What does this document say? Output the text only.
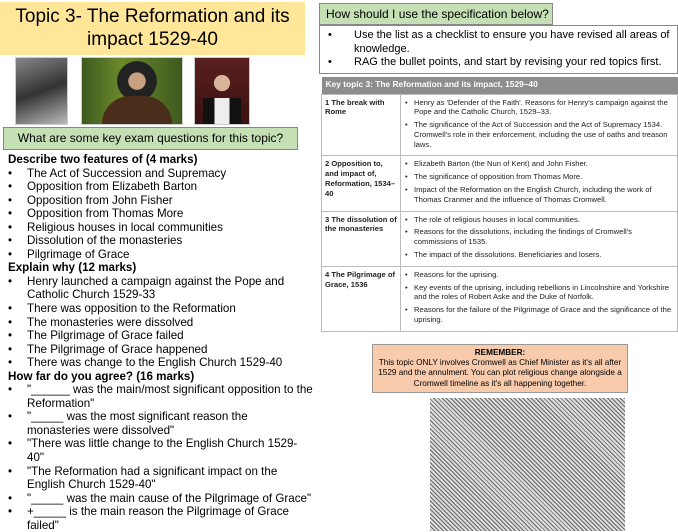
Topic 3- The Reformation and its impact 1529-40
What are some key exam questions for this topic?
Describe two features of (4 marks)
• The Act of Succession and Supremacy
• Opposition from Elizabeth Barton
• Opposition from John Fisher
• Opposition from Thomas More
• Religious houses in local communities
• Dissolution of the monasteries
• Pilgrimage of Grace
Explain why (12 marks)
• Henry launched a campaign against the Pope and Catholic Church 1529-33
• There was opposition to the Reformation
• The monasteries were dissolved
• The Pilgrimage of Grace failed
• The Pilgrimage of Grace happened
• There was change to the English Church 1529-40
How far do you agree? (16 marks)
• "______ was the main/most significant opposition to the Reformation"
• "_____ was the most significant reason the monasteries were dissolved"
• "There was little change to the English Church 1529-40"
• "The Reformation had a significant impact on the English Church 1529-40"
• "_____ was the main cause of the Pilgrimage of Grace"
• +_____ is the main reason the Pilgrimage of Grace failed"
How should I use the specification below?
• Use the list as a checklist to ensure you have revised all areas of knowledge.
• RAG the bullet points, and start by revising your red topics first.
Key topic 3: The Reformation and its impact, 1529–40	
1 The break with Rome	• Henry as 'Defender of the Faith'. Reasons for Henry's campaign against the Pope and the Catholic Church, 1529–33.
• The significance of the Act of Succession and the Act of Supremacy 1534. Cromwell's role in their enforcement, including the use of oaths and treason laws.

2 Opposition to, and impact of, Reformation, 1534–40	• Elizabeth Barton (the Nun of Kent) and John Fisher.
• The significance of opposition from Thomas More.
• Impact of the Reformation on the English Church, including the work of Thomas Cranmer and the influence of Thomas Cromwell.

3 The dissolution of the monasteries	• The role of religious houses in local communities.
• Reasons for the dissolutions, including the findings of Cromwell's commissions of 1535.
• The impact of the dissolutions. Beneficiaries and losers.

4 The Pilgrimage of Grace, 1536	• Reasons for the uprising.
• Key events of the uprising, including rebellions in Lincolnshire and Yorkshire and the roles of Robert Aske and the Duke of Norfolk.
• Reasons for the failure of the Pilgrimage of Grace and the significance of the uprising.
REMEMBER:
This topic ONLY involves Cromwell as Chief Minister as it's all after 1529 and the annulment. You can plot religious change alongside a Cromwell timeline as it's all happening together.
